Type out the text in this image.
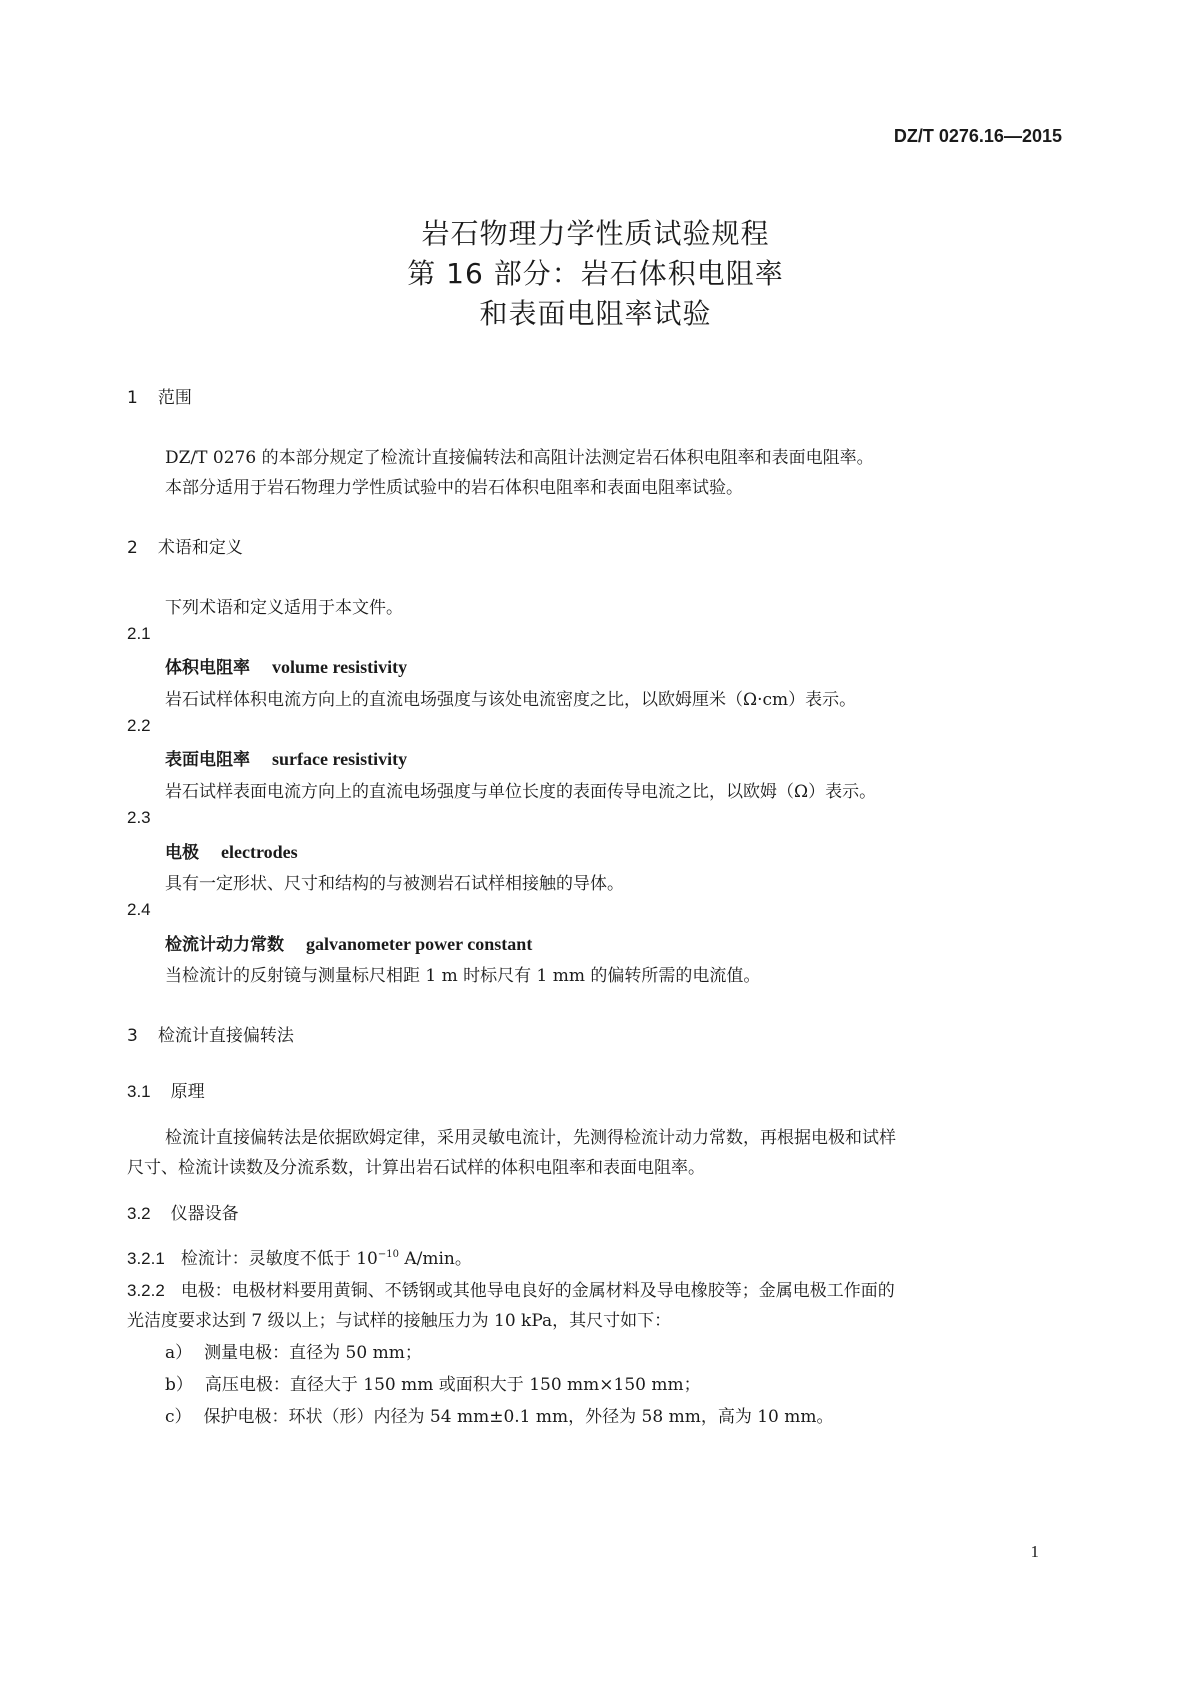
DZ/T 0276.16—2015
岩石物理力学性质试验规程
第 16 部分：岩石体积电阻率
和表面电阻率试验
1 范围
DZ/T 0276 的本部分规定了检流计直接偏转法和高阻计法测定岩石体积电阻率和表面电阻率。
本部分适用于岩石物理力学性质试验中的岩石体积电阻率和表面电阻率试验。
2 术语和定义
下列术语和定义适用于本文件。
2.1
体积电阻率 volume resistivity
岩石试样体积电流方向上的直流电场强度与该处电流密度之比，以欧姆厘米（Ω·cm）表示。
2.2
表面电阻率 surface resistivity
岩石试样表面电流方向上的直流电场强度与单位长度的表面传导电流之比，以欧姆（Ω）表示。
2.3
电极 electrodes
具有一定形状、尺寸和结构的与被测岩石试样相接触的导体。
2.4
检流计动力常数 galvanometer power constant
当检流计的反射镜与测量标尺相距 1 m 时标尺有 1 mm 的偏转所需的电流值。
3 检流计直接偏转法
3.1 原理
检流计直接偏转法是依据欧姆定律，采用灵敏电流计，先测得检流计动力常数，再根据电极和试样
尺寸、检流计读数及分流系数，计算出岩石试样的体积电阻率和表面电阻率。
3.2 仪器设备
3.2.1 检流计：灵敏度不低于 $10^{-10}$ A/min。
3.2.2 电极：电极材料要用黄铜、不锈钢或其他导电良好的金属材料及导电橡胶等；金属电极工作面的
光洁度要求达到 7 级以上；与试样的接触压力为 10 kPa，其尺寸如下：
a） 测量电极：直径为 50 mm；
b） 高压电极：直径大于 150 mm 或面积大于 150 mm×150 mm；
c） 保护电极：环状（形）内径为 54 mm±0.1 mm，外径为 58 mm，高为 10 mm。
1
